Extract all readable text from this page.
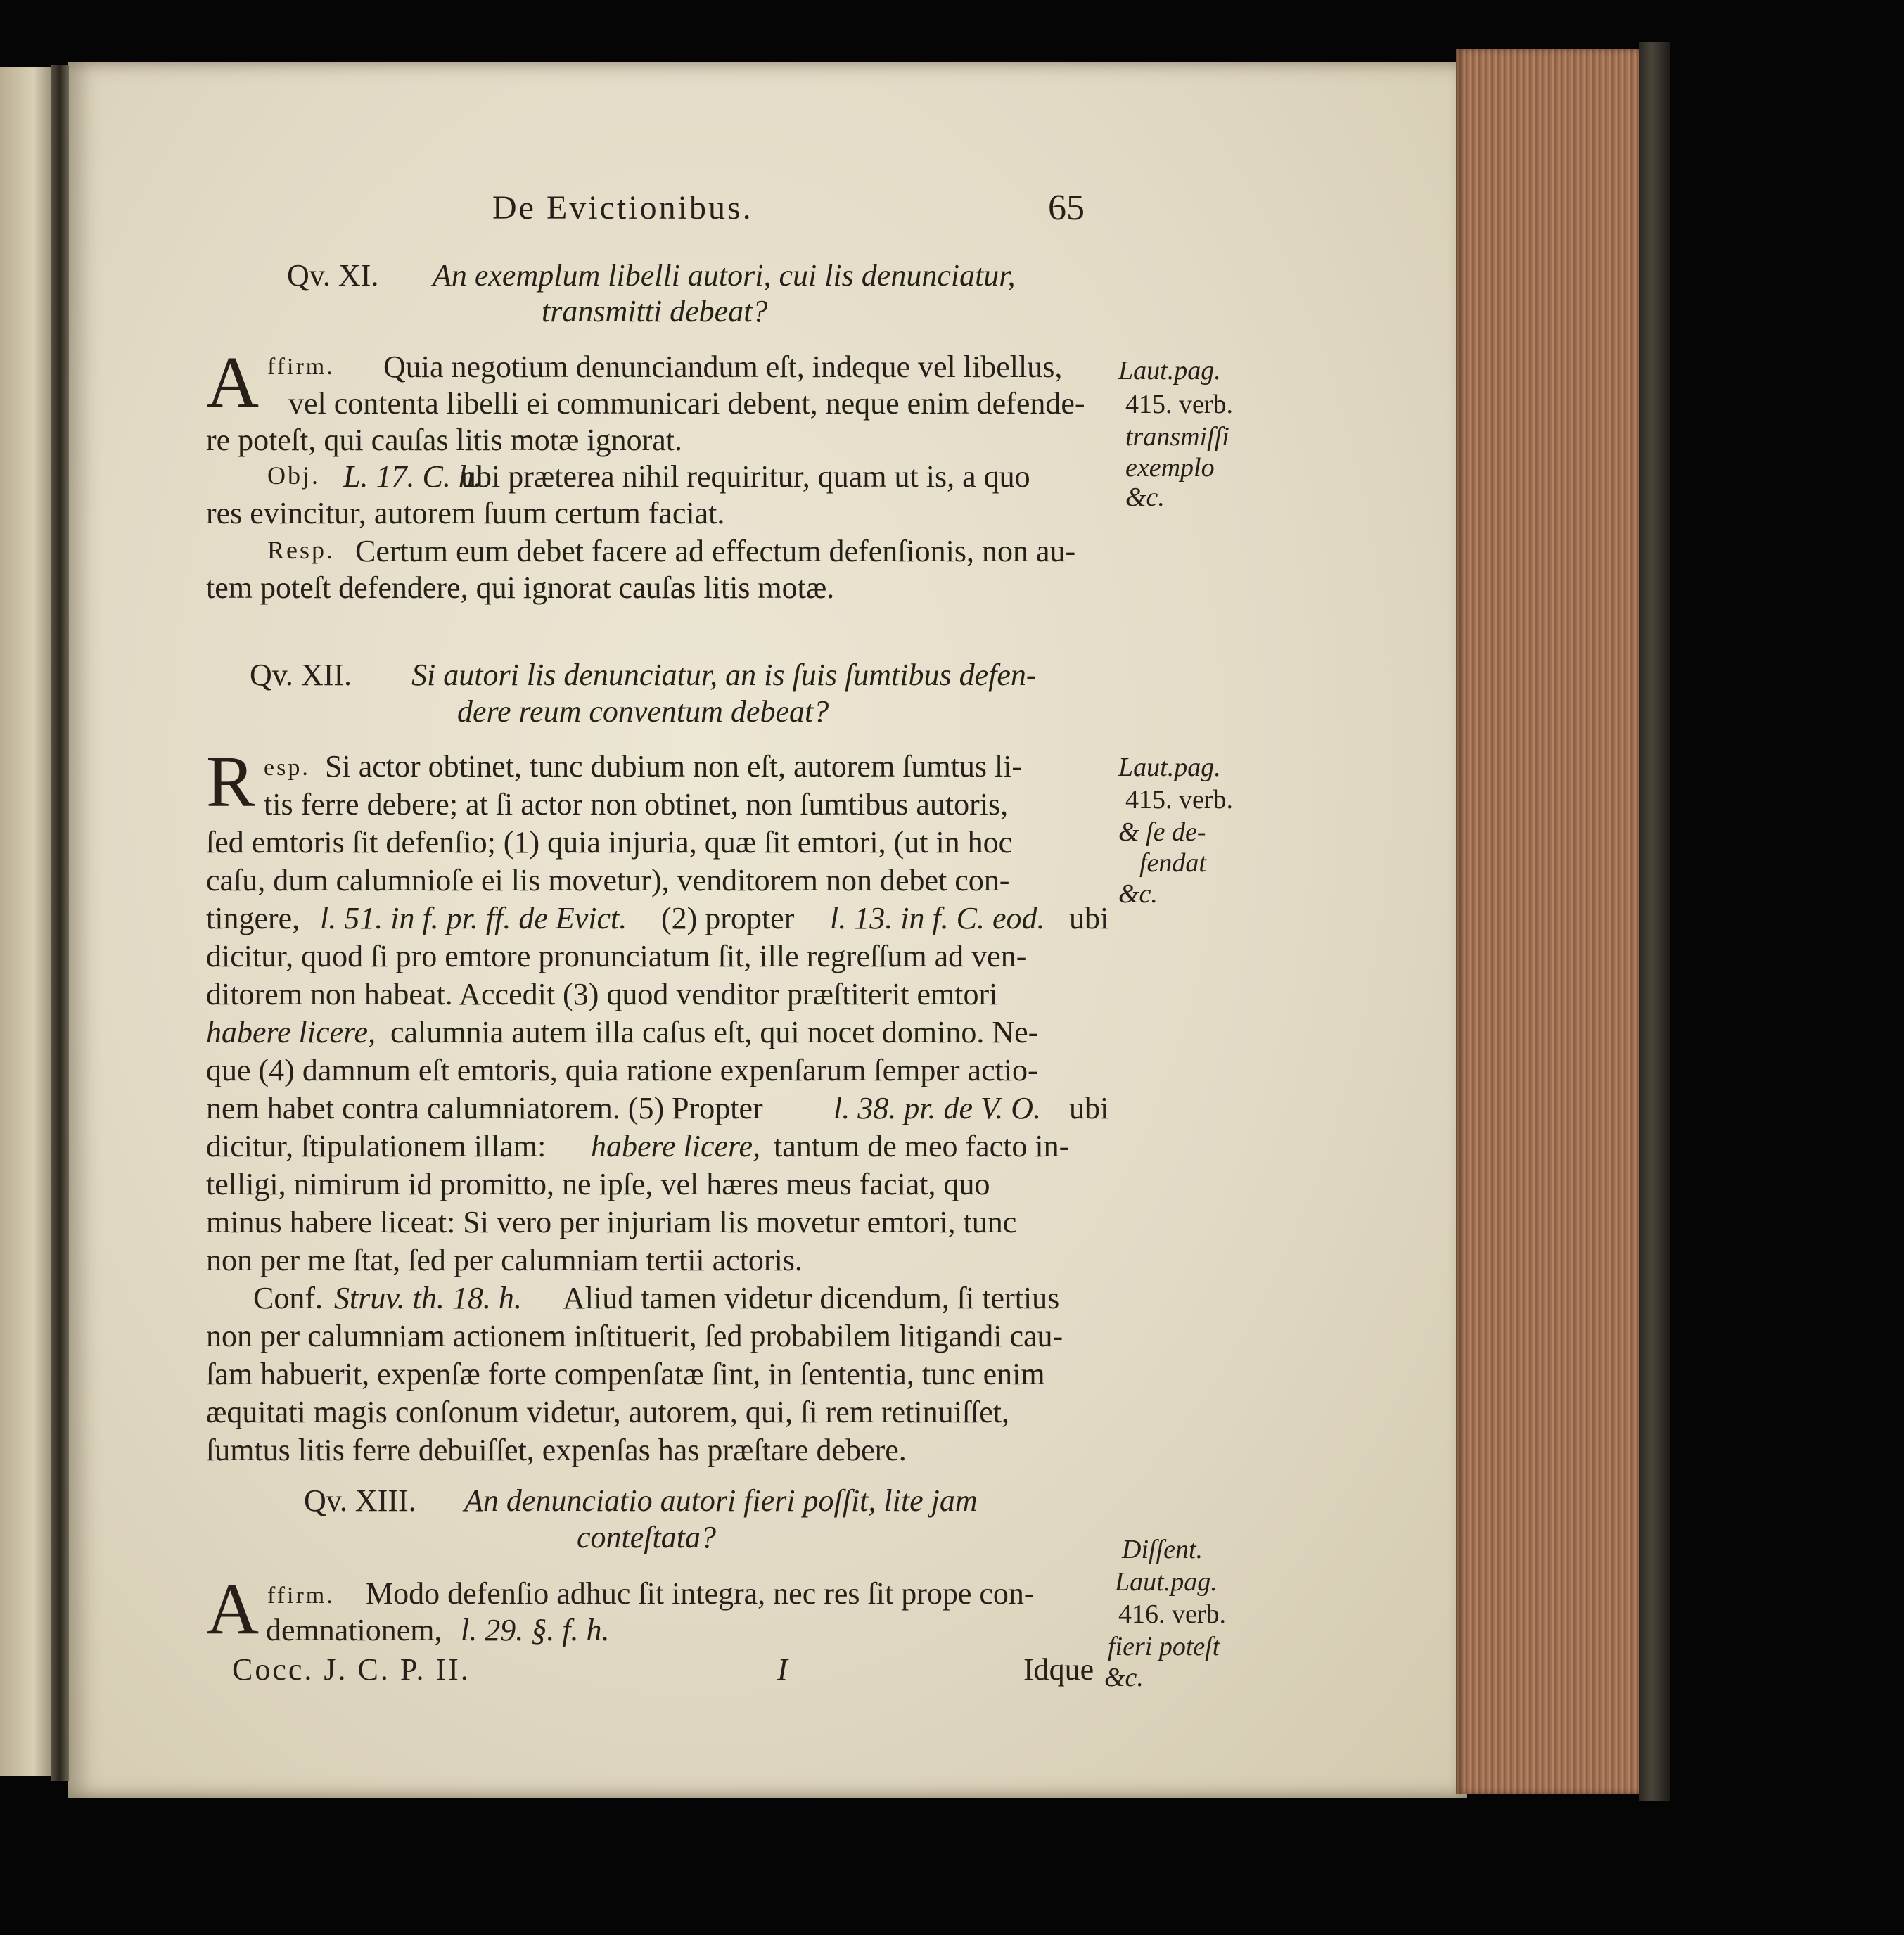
De Evictionibus.	65
Qv. XI. An exemplum libelli autori, cui lis denunciatur,
transmitti debeat?
A ffirm. Quia negotium denunciandum eſt, indeque vel libellus,
vel contenta libelli ei communicari debent, neque enim defende-
re poteſt, qui cauſas litis motæ ignorat.
Obj. L. 17. C. h.
ubi præterea nihil requiritur, quam ut is, a quo
res evincitur, autorem ſuum certum faciat.
Resp. Certum eum debet facere ad effectum defenſionis, non au-
tem poteſt defendere, qui ignorat cauſas litis motæ.
Laut.pag.
415. verb.
transmiſſi
exemplo
&c.
Qv. XII. Si autori lis denunciatur, an is ſuis ſumtibus defen-
dere reum conventum debeat?
R esp. Si actor obtinet, tunc dubium non eſt, autorem ſumtus li-
tis ferre debere; at ſi actor non obtinet, non ſumtibus autoris,
ſed emtoris ſit defenſio; (1) quia injuria, quæ ſit emtori, (ut in hoc
caſu, dum calumnioſe ei lis movetur), venditorem non debet con-
tingere, l. 51. in f. pr. ff. de Evict. (2) propter l. 13. in f. C. eod. ubi
dicitur, quod ſi pro emtore pronunciatum ſit, ille regreſſum ad ven-
ditorem non habeat. Accedit (3) quod venditor præſtiterit emtori
habere licere, calumnia autem illa caſus eſt, qui nocet domino. Ne-
que (4) damnum eſt emtoris, quia ratione expenſarum ſemper actio-
nem habet contra calumniatorem. (5) Propter l. 38. pr. de V. O. ubi
dicitur, ſtipulationem illam: habere licere, tantum de meo facto in-
telligi, nimirum id promitto, ne ipſe, vel hæres meus faciat, quo
minus habere liceat: Si vero per injuriam lis movetur emtori, tunc
non per me ſtat, ſed per calumniam tertii actoris.
Conf. Struv. th. 18. h. Aliud tamen videtur dicendum, ſi tertius
non per calumniam actionem inſtituerit, ſed probabilem litigandi cau-
ſam habuerit, expenſæ forte compenſatæ ſint, in ſententia, tunc enim
æquitati magis conſonum videtur, autorem, qui, ſi rem retinuiſſet,
ſumtus litis ferre debuiſſet, expenſas has præſtare debere.
Laut.pag.
415. verb.
& ſe de-
fendat
&c.
Qv. XIII. An denunciatio autori fieri poſſit, lite jam
conteſtata?
A ffirm. Modo defenſio adhuc ſit integra, nec res ſit prope con-
demnationem, l. 29. §. f. h.
Diſſent.
Laut.pag.
416. verb.
fieri poteſt
&c.
Cocc. J. C. P. II.	I	Idque
